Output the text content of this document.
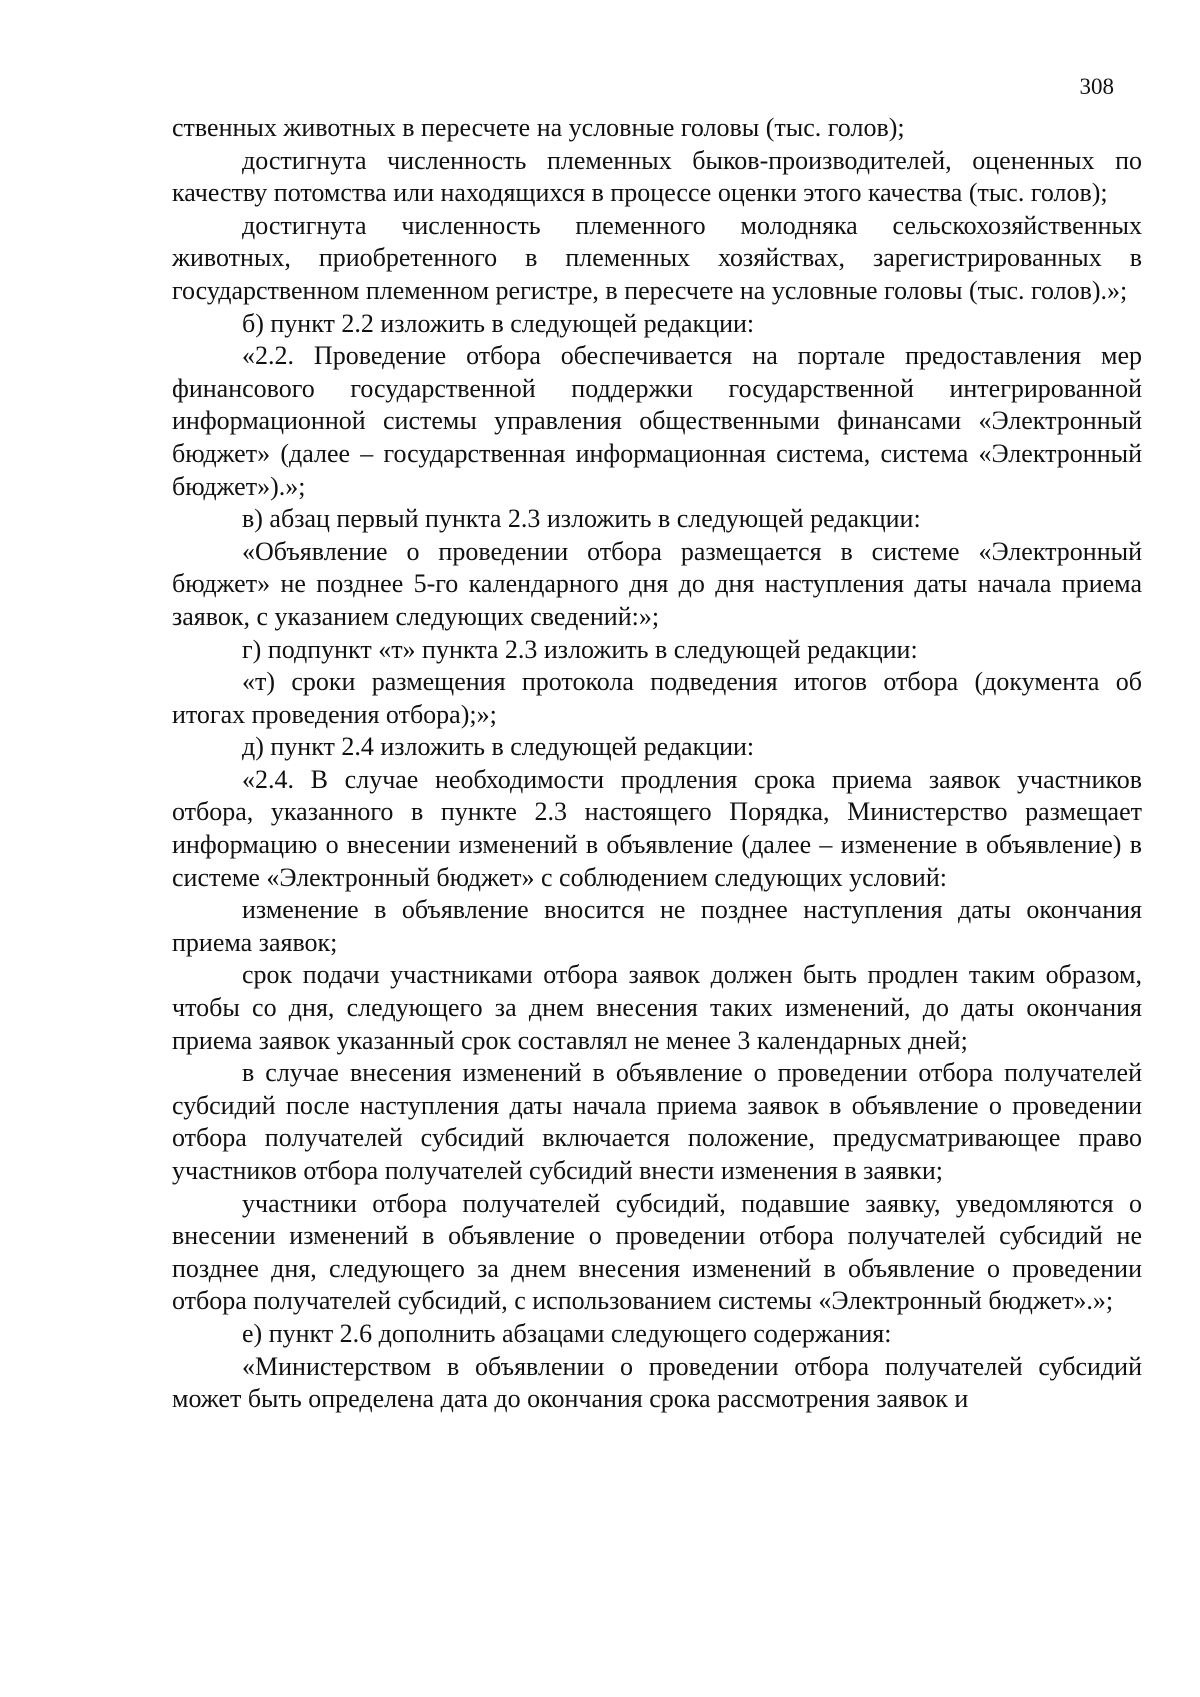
308

ственных животных в пересчете на условные головы (тыс. голов);

достигнута численность племенных быков-производителей, оцененных по качеству потомства или находящихся в процессе оценки этого качества (тыс. голов);

достигнута численность племенного молодняка сельскохозяйственных животных, приобретенного в племенных хозяйствах, зарегистрированных в государственном племенном регистре, в пересчете на условные головы (тыс. голов).»;

б) пункт 2.2 изложить в следующей редакции:

«2.2. Проведение отбора обеспечивается на портале предоставления мер финансового государственной поддержки государственной интегрированной информационной системы управления общественными финансами «Электронный бюджет» (далее – государственная информационная система, система «Электронный бюджет»).»;

в) абзац первый пункта 2.3 изложить в следующей редакции:

«Объявление о проведении отбора размещается в системе «Электронный бюджет» не позднее 5-го календарного дня до дня наступления даты начала приема заявок, с указанием следующих сведений:»;

г) подпункт «т» пункта 2.3 изложить в следующей редакции:

«т) сроки размещения протокола подведения итогов отбора (документа об итогах проведения отбора);»;

д) пункт 2.4 изложить в следующей редакции:

«2.4. В случае необходимости продления срока приема заявок участников отбора, указанного в пункте 2.3 настоящего Порядка, Министерство размещает информацию о внесении изменений в объявление (далее – изменение в объявление) в системе «Электронный бюджет» с соблюдением следующих условий:

изменение в объявление вносится не позднее наступления даты окончания приема заявок;

срок подачи участниками отбора заявок должен быть продлен таким образом, чтобы со дня, следующего за днем внесения таких изменений, до даты окончания приема заявок указанный срок составлял не менее 3 календарных дней;

в случае внесения изменений в объявление о проведении отбора получателей субсидий после наступления даты начала приема заявок в объявление о проведении отбора получателей субсидий включается положение, предусматривающее право участников отбора получателей субсидий внести изменения в заявки;

участники отбора получателей субсидий, подавшие заявку, уведомляются о внесении изменений в объявление о проведении отбора получателей субсидий не позднее дня, следующего за днем внесения изменений в объявление о проведении отбора получателей субсидий, с использованием системы «Электронный бюджет».»;

е) пункт 2.6 дополнить абзацами следующего содержания:

«Министерством в объявлении о проведении отбора получателей субсидий может быть определена дата до окончания срока рассмотрения заявок и
